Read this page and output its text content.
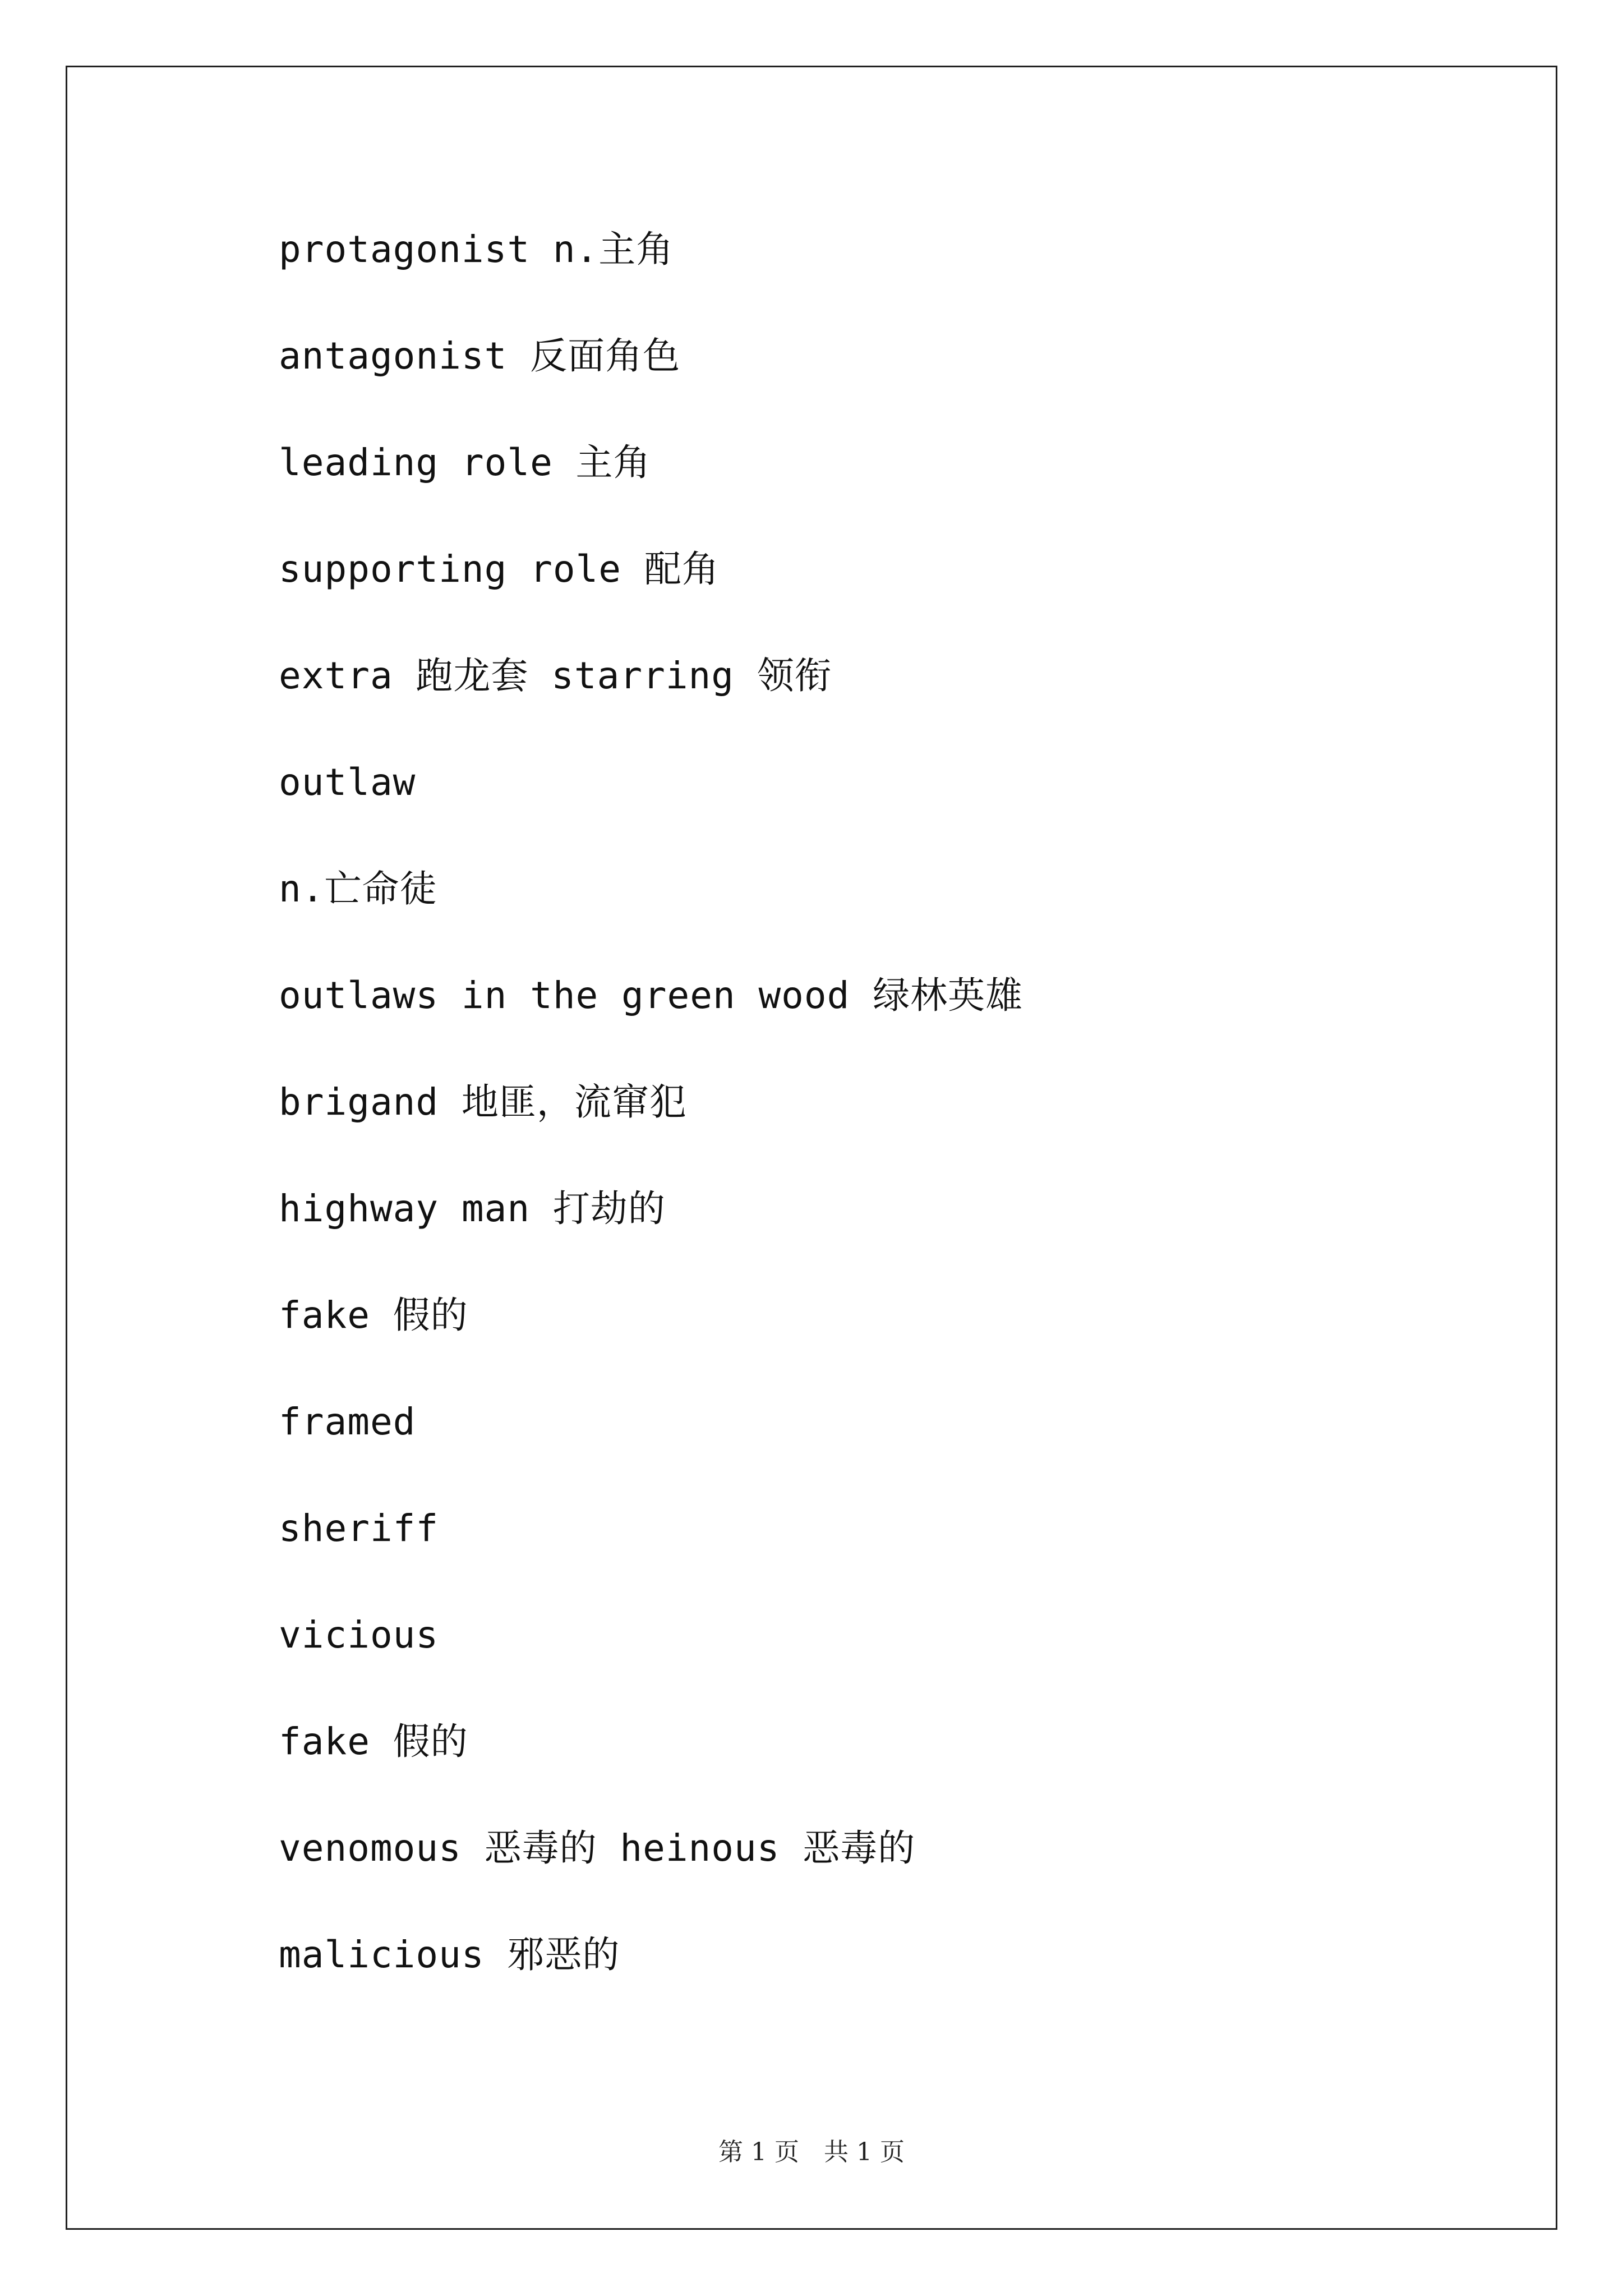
protagonist n.主角
antagonist 反面角色
leading role 主角
supporting role 配角
extra 跑龙套 starring 领衔
outlaw
n.亡命徒
outlaws in the green wood 绿林英雄
brigand 地匪，流窜犯
highway man 打劫的
fake 假的
framed
sheriff
vicious
fake 假的
venomous 恶毒的 heinous 恶毒的
malicious 邪恶的
第 1 页　共 1 页
